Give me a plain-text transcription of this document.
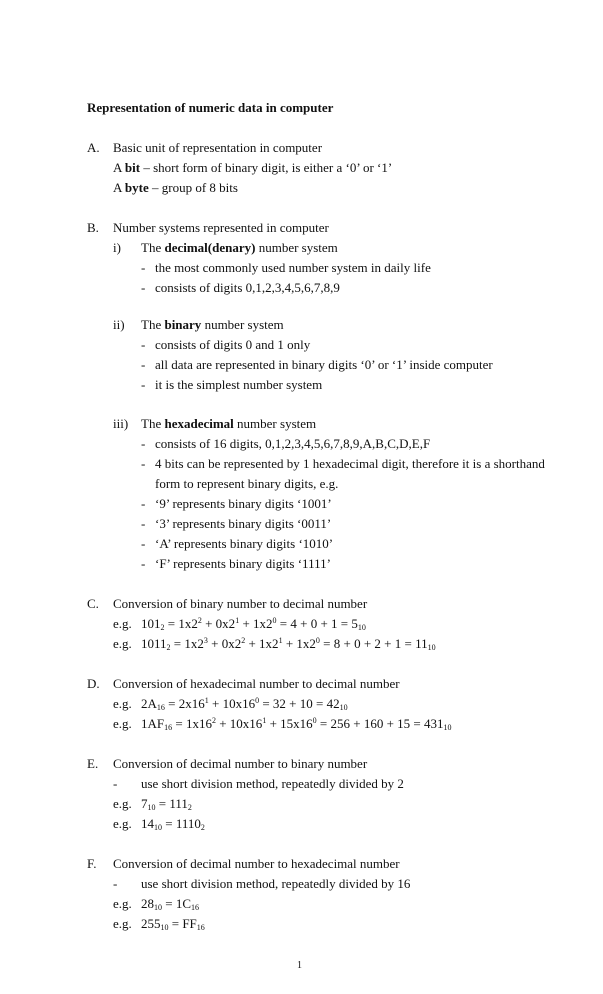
Representation of numeric data in computer
A. Basic unit of representation in computer
A bit – short form of binary digit, is either a ‘0’ or ‘1’
A byte – group of 8 bits
B. Number systems represented in computer
i) The decimal(denary) number system
- the most commonly used number system in daily life
- consists of digits 0,1,2,3,4,5,6,7,8,9
ii) The binary number system
- consists of digits 0 and 1 only
- all data are represented in binary digits ‘0’ or ‘1’ inside computer
- it is the simplest number system
iii) The hexadecimal number system
- consists of 16 digits, 0,1,2,3,4,5,6,7,8,9,A,B,C,D,E,F
- 4 bits can be represented by 1 hexadecimal digit, therefore it is a shorthand
form to represent binary digits, e.g.
- ‘9’ represents binary digits ‘1001’
- ‘3’ represents binary digits ‘0011’
- ‘A’ represents binary digits ‘1010’
- ‘F’ represents binary digits ‘1111’
C. Conversion of binary number to decimal number
e.g. $101_2 = 1x2^2 + 0x2^1 + 1x2^0 = 4 + 0 + 1 = 5_{10}$
e.g. $1011_2 = 1x2^3 + 0x2^2 + 1x2^1 + 1x2^0 = 8 + 0 + 2 + 1 = 11_{10}$
D. Conversion of hexadecimal number to decimal number
e.g. $2A_{16} = 2x16^1 + 10x16^0 = 32 + 10 = 42_{10}$
e.g. $1AF_{16} = 1x16^2 + 10x16^1 + 15x16^0 = 256 + 160 + 15 = 431_{10}$
E. Conversion of decimal number to binary number
- use short division method, repeatedly divided by 2
e.g. $7_{10} = 111_2$
e.g. $14_{10} = 1110_2$
F. Conversion of decimal number to hexadecimal number
- use short division method, repeatedly divided by 16
e.g. $28_{10} = 1C_{16}$
e.g. $255_{10} = FF_{16}$
1
